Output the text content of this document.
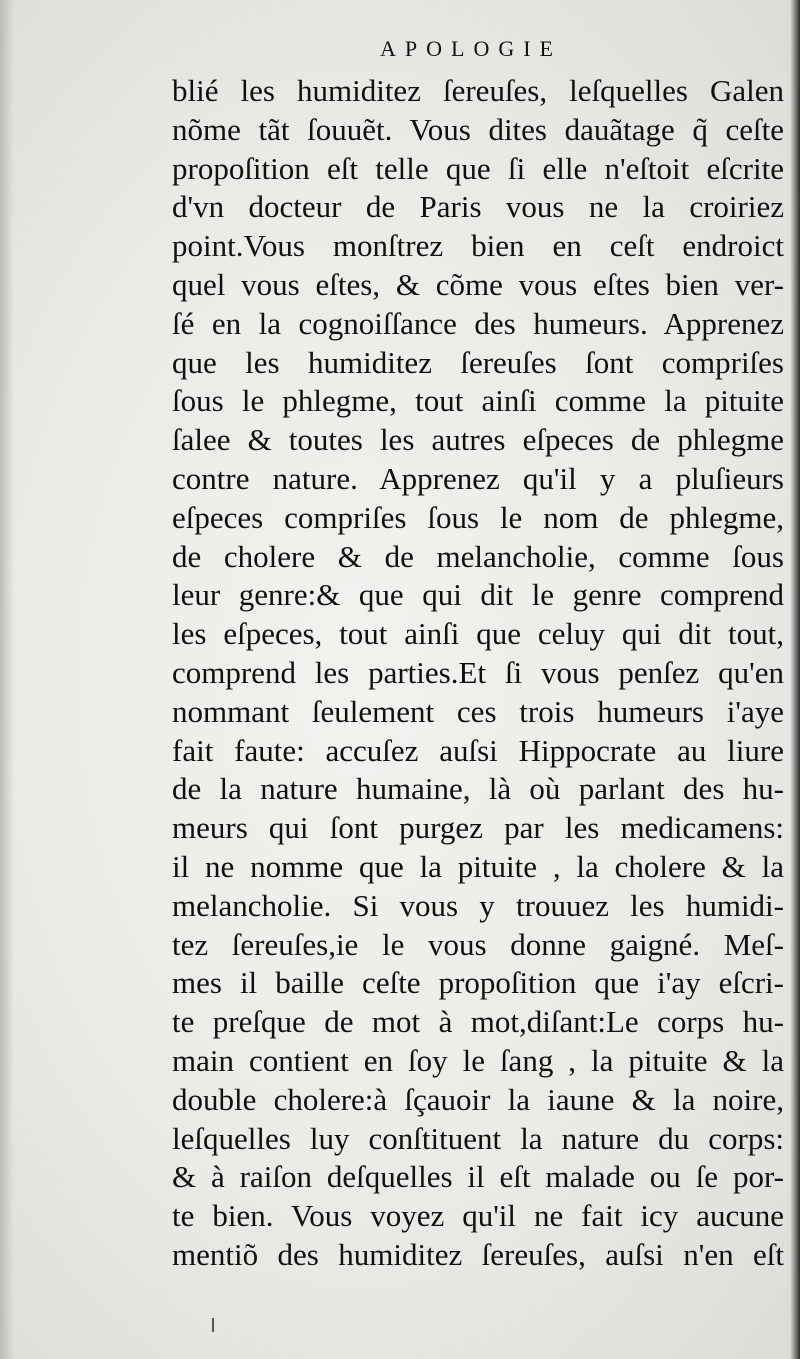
APOLOGIE
blié les humiditez ſereuſes, leſquelles Galen
nõme tãt ſouuẽt. Vous dites dauãtage q̃ ceſte
propoſition eſt telle que ſi elle n'eſtoit eſcrite
d'vn docteur de Paris vous ne la croiriez
point.Vous monſtrez bien en ceſt endroict
quel vous eſtes, & cõme vous eſtes bien ver-
ſé en la cognoiſſance des humeurs. Apprenez
que les humiditez ſereuſes ſont compriſes
ſous le phlegme, tout ainſi comme la pituite
ſalee & toutes les autres eſpeces de phlegme
contre nature. Apprenez qu'il y a pluſieurs
eſpeces compriſes ſous le nom de phlegme,
de cholere & de melancholie, comme ſous
leur genre:& que qui dit le genre comprend
les eſpeces, tout ainſi que celuy qui dit tout,
comprend les parties.Et ſi vous penſez qu'en
nommant ſeulement ces trois humeurs i'aye
fait faute: accuſez auſsi Hippocrate au liure
de la nature humaine, là où parlant des hu-
meurs qui ſont purgez par les medicamens:
il ne nomme que la pituite , la cholere & la
melancholie. Si vous y trouuez les humidi-
tez ſereuſes,ie le vous donne gaigné. Meſ-
mes il baille ceſte propoſition que i'ay eſcri-
te preſque de mot à mot,diſant:Le corps hu-
main contient en ſoy le ſang , la pituite & la
double cholere:à ſçauoir la iaune & la noire,
leſquelles luy conſtituent la nature du corps:
& à raiſon deſquelles il eſt malade ou ſe por-
te bien. Vous voyez qu'il ne fait icy aucune
mentiõ des humiditez ſereuſes, auſsi n'en eſt
